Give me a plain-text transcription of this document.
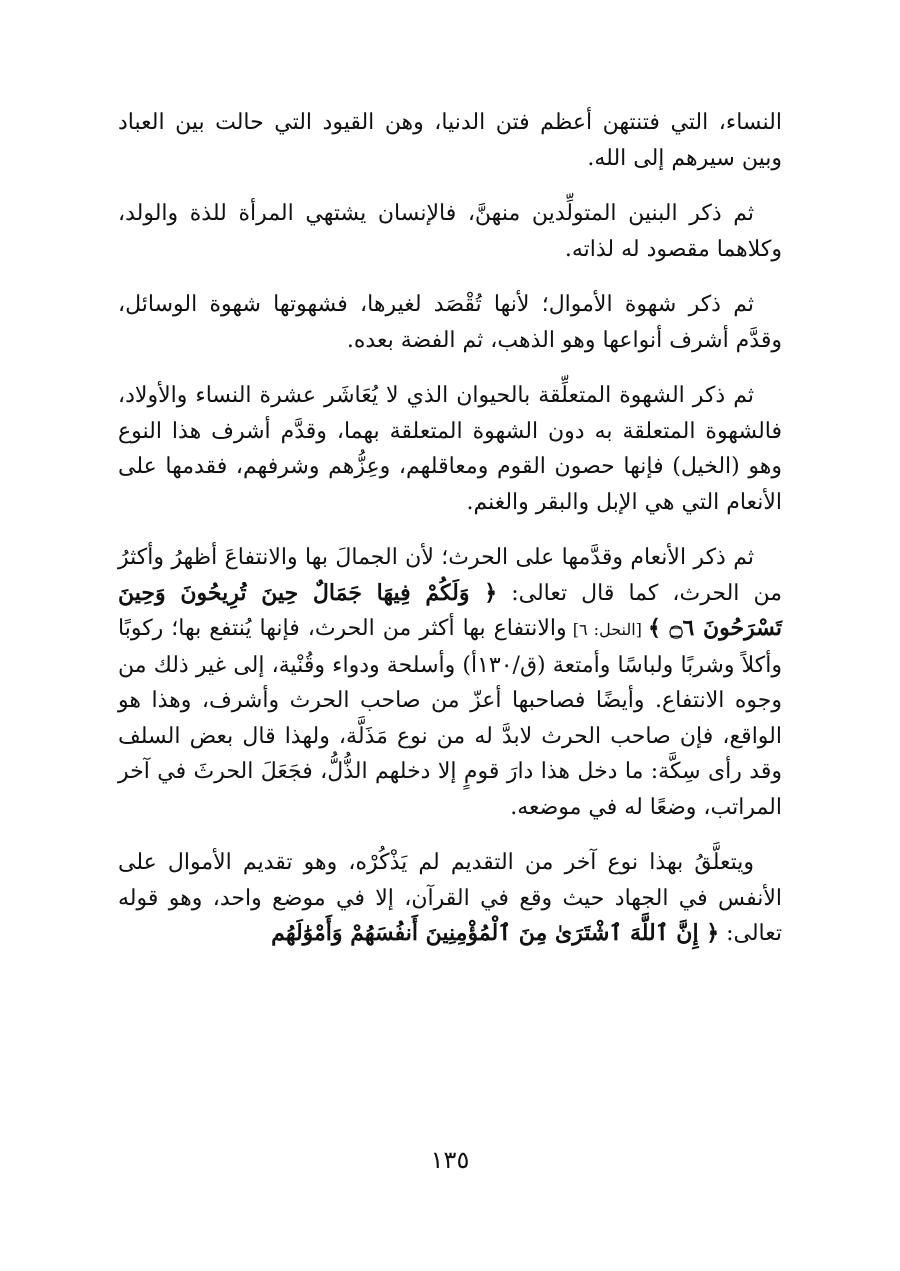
النساء، التي فتنتهن أعظم فتن الدنيا، وهن القيود التي حالت بين العباد وبين سيرهم إلى الله.

ثم ذكر البنين المتولِّدين منهنَّ، فالإنسان يشتهي المرأة للذة والولد، وكلاهما مقصود له لذاته.

ثم ذكر شهوة الأموال؛ لأنها تُقْصَد لغيرها، فشهوتها شهوة الوسائل، وقدَّم أشرف أنواعها وهو الذهب، ثم الفضة بعده.

ثم ذكر الشهوة المتعلِّقة بالحيوان الذي لا يُعَاشَر عشرة النساء والأولاد، فالشهوة المتعلقة به دون الشهوة المتعلقة بهما، وقدَّم أشرف هذا النوع وهو (الخيل) فإنها حصون القوم ومعاقلهم، وعِزُّهم وشرفهم، فقدمها على الأنعام التي هي الإبل والبقر والغنم.

ثم ذكر الأنعام وقدَّمها على الحرث؛ لأن الجمالَ بها والانتفاعَ أظهرُ وأكثرُ من الحرث، كما قال تعالى: ﴿ وَلَكُمْ فِيهَا جَمَالٌ حِينَ تُرِيحُونَ وَحِينَ تَسْرَحُونَ ۝٦ ﴾ [النحل: ٦] والانتفاع بها أكثر من الحرث، فإنها يُنتفع بها؛ ركوبًا وأكلاً وشربًا ولباسًا وأمتعة (ق/١٣٠أ) وأسلحة ودواء وقُنْية، إلى غير ذلك من وجوه الانتفاع. وأيضًا فصاحبها أعزّ من صاحب الحرث وأشرف، وهذا هو الواقع، فإن صاحب الحرث لابدَّ له من نوع مَذَلَّة، ولهذا قال بعض السلف وقد رأى سِكَّة: ما دخل هذا دارَ قومٍ إلا دخلهم الذُّلُّ، فجَعَلَ الحرثَ في آخر المراتب، وضعًا له في موضعه.

ويتعلَّقُ بهذا نوع آخر من التقديم لم يَذْكُرْه، وهو تقديم الأموال على الأنفس في الجهاد حيث وقع في القرآن، إلا في موضع واحد، وهو قوله تعالى: ﴿ إِنَّ ٱللَّهَ ٱشْتَرَىٰ مِنَ ٱلْمُؤْمِنِينَ أَنفُسَهُمْ وَأَمْوَٰلَهُم

١٣٥
